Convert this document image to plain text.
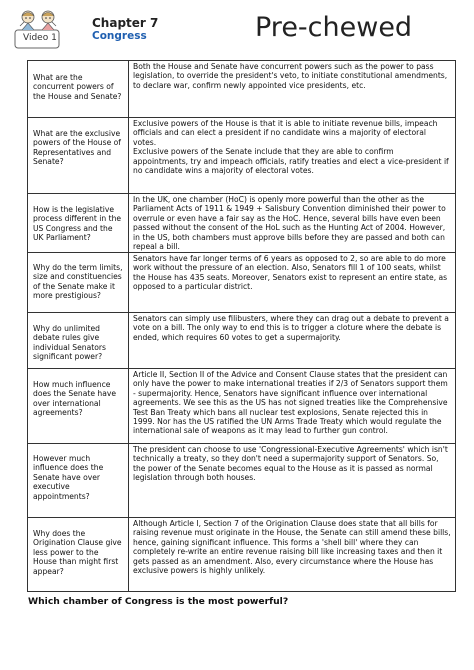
Video 1
Chapter 7
Congress	Pre-chewed
What are the concurrent powers of the House and Senate?	Both the House and Senate have concurrent powers such as the power to pass legislation, to override the president's veto, to initiate constitutional amendments, to declare war, confirm newly appointed vice presidents, etc.

What are the exclusive powers of the House of Representatives and Senate?	Exclusive powers of the House is that it is able to initiate revenue bills, impeach officials and can elect a president if no candidate wins a majority of electoral votes.
Exclusive powers of the Senate include that they are able to confirm appointments, try and impeach officials, ratify treaties and elect a vice-president if no candidate wins a majority of electoral votes.

How is the legislative process different in the US Congress and the UK Parliament?	In the UK, one chamber (HoC) is openly more powerful than the other as the Parliament Acts of 1911 & 1949 + Salisbury Convention diminished their power to overrule or even have a fair say as the HoC. Hence, several bills have even been passed without the consent of the HoL such as the Hunting Act of 2004. However, in the US, both chambers must approve bills before they are passed and both can repeal a bill.

Why do the term limits, size and constituencies of the Senate make it more prestigious?	Senators have far longer terms of 6 years as opposed to 2, so are able to do more work without the pressure of an election. Also, Senators fill 1 of 100 seats, whilst the House has 435 seats. Moreover, Senators exist to represent an entire state, as opposed to a particular district.

Why do unlimited debate rules give individual Senators significant power?	Senators can simply use filibusters, where they can drag out a debate to prevent a vote on a bill. The only way to end this is to trigger a cloture where the debate is ended, which requires 60 votes to get a supermajority.

How much influence does the Senate have over international agreements?	Article II, Section II of the Advice and Consent Clause states that the president can only have the power to make international treaties if 2/3 of Senators support them - supermajority. Hence, Senators have significant influence over international agreements. We see this as the US has not signed treaties like the Comprehensive Test Ban Treaty which bans all nuclear test explosions, Senate rejected this in 1999. Nor has the US ratified the UN Arms Trade Treaty which would regulate the international sale of weapons as it may lead to further gun control.

However much influence does the Senate have over executive appointments?	The president can choose to use 'Congressional-Executive Agreements' which isn't technically a treaty, so they don't need a supermajority support of Senators. So, the power of the Senate becomes equal to the House as it is passed as normal legislation through both houses.

Why does the Origination Clause give less power to the House than might first appear?	Although Article I, Section 7 of the Origination Clause does state that all bills for raising revenue must originate in the House, the Senate can still amend these bills, hence, gaining significant influence. This forms a 'shell bill' where they can completely re-write an entire revenue raising bill like increasing taxes and then it gets passed as an amendment. Also, every circumstance where the House has exclusive powers is highly unlikely.
Which chamber of Congress is the most powerful?
